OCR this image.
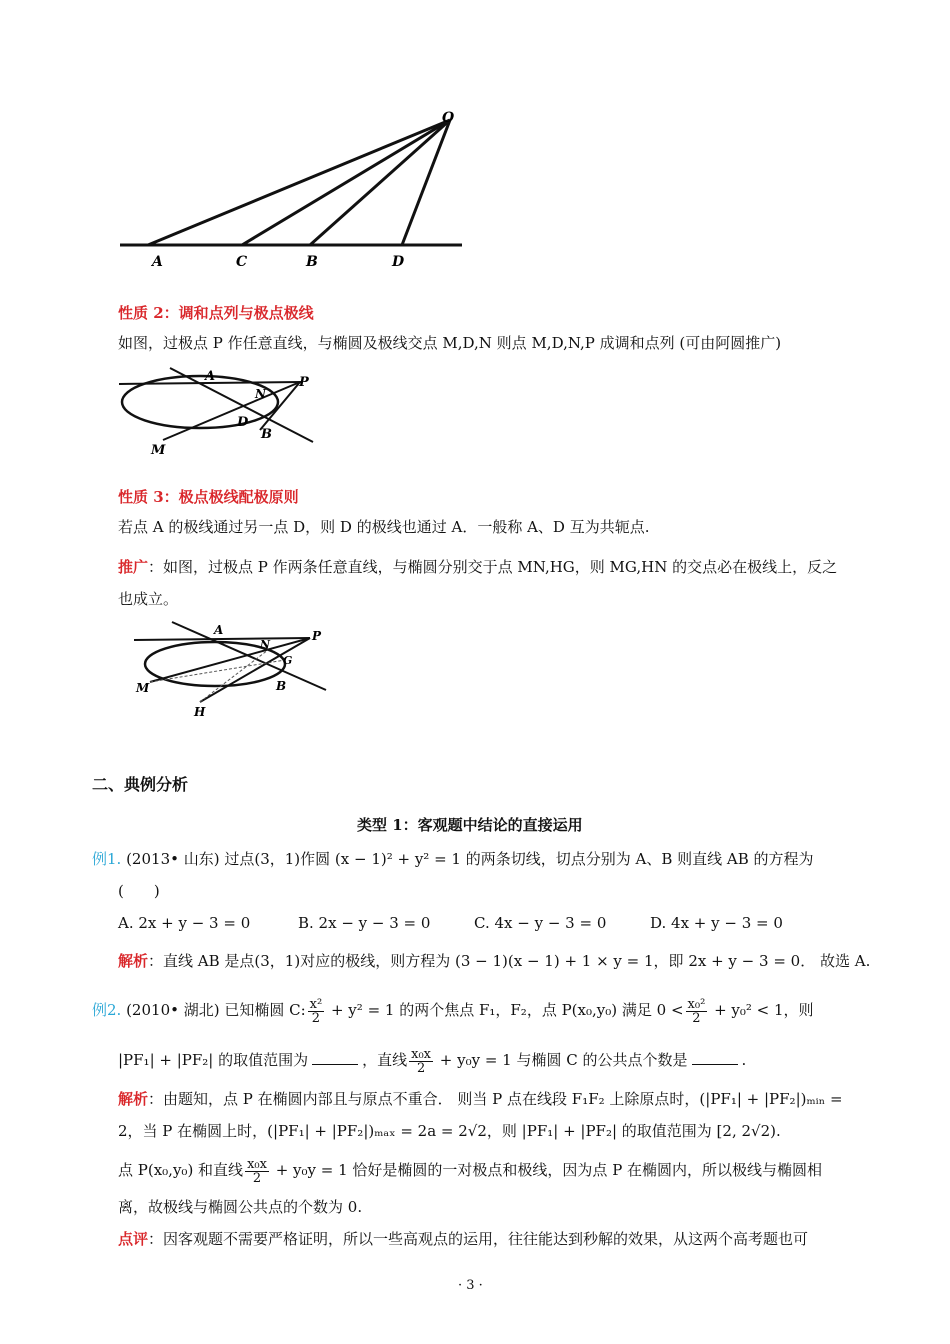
O
A	C	B	D
性质 2：调和点列与极点极线
如图，过极点 P 作任意直线，与椭圆及极线交点 M,D,N 则点 M,D,N,P 成调和点列 (可由阿圆推广)
A
N
P
D
B
M
性质 3：极点极线配极原则
若点 A 的极线通过另一点 D，则 D 的极线也通过 A．一般称 A、D 互为共轭点.
推广：如图，过极点 P 作两条任意直线，与椭圆分别交于点 MN,HG，则 MG,HN 的交点必在极线上，反之
也成立。
A
N
P
G
B
M
H
二、典例分析
类型 1：客观题中结论的直接运用
例1. (2013• 山东) 过点(3，1)作圆 (x − 1)² + y² = 1 的两条切线，切点分别为 A、B 则直线 AB 的方程为
(　　)
A. 2x + y − 3 = 0	B. 2x − y − 3 = 0	C. 4x − y − 3 = 0	D. 4x + y − 3 = 0
解析：直线 AB 是点(3，1)对应的极线，则方程为 (3 − 1)(x − 1) + 1 × y = 1，即 2x + y − 3 = 0． 故选 A.
例2. (2010• 湖北) 已知椭圆 C: $\frac{\text{x²}}{2} + y^2 = 1$ 的两个焦点 F₁，F₂，点 P(x₀,y₀) 满足 $0 < \frac{\text{x₀²}}{2} + y_0^2 < 1$，则
|PF₁| + |PF₂| 的取值范围为	，直线 $\frac{\text{x₀x}}{2} + y_0y = 1$ 与椭圆 C 的公共点个数是	.
解析：由题知，点 P 在椭圆内部且与原点不重合． 则当 P 点在线段 F₁F₂ 上除原点时，(|PF₁| + |PF₂|)ₘᵢₙ =
2，当 P 在椭圆上时，(|PF₁| + |PF₂|)ₘₐₓ = 2a = 2√2，则 |PF₁| + |PF₂| 的取值范围为 [2, 2√2).
点 P(x₀,y₀) 和直线 $\frac{\text{x₀x}}{2} + y_0y = 1$ 恰好是椭圆的一对极点和极线，因为点 P 在椭圆内，所以极线与椭圆相
离，故极线与椭圆公共点的个数为 0.
点评：因客观题不需要严格证明，所以一些高观点的运用，往往能达到秒解的效果，从这两个高考题也可
· 3 ·
